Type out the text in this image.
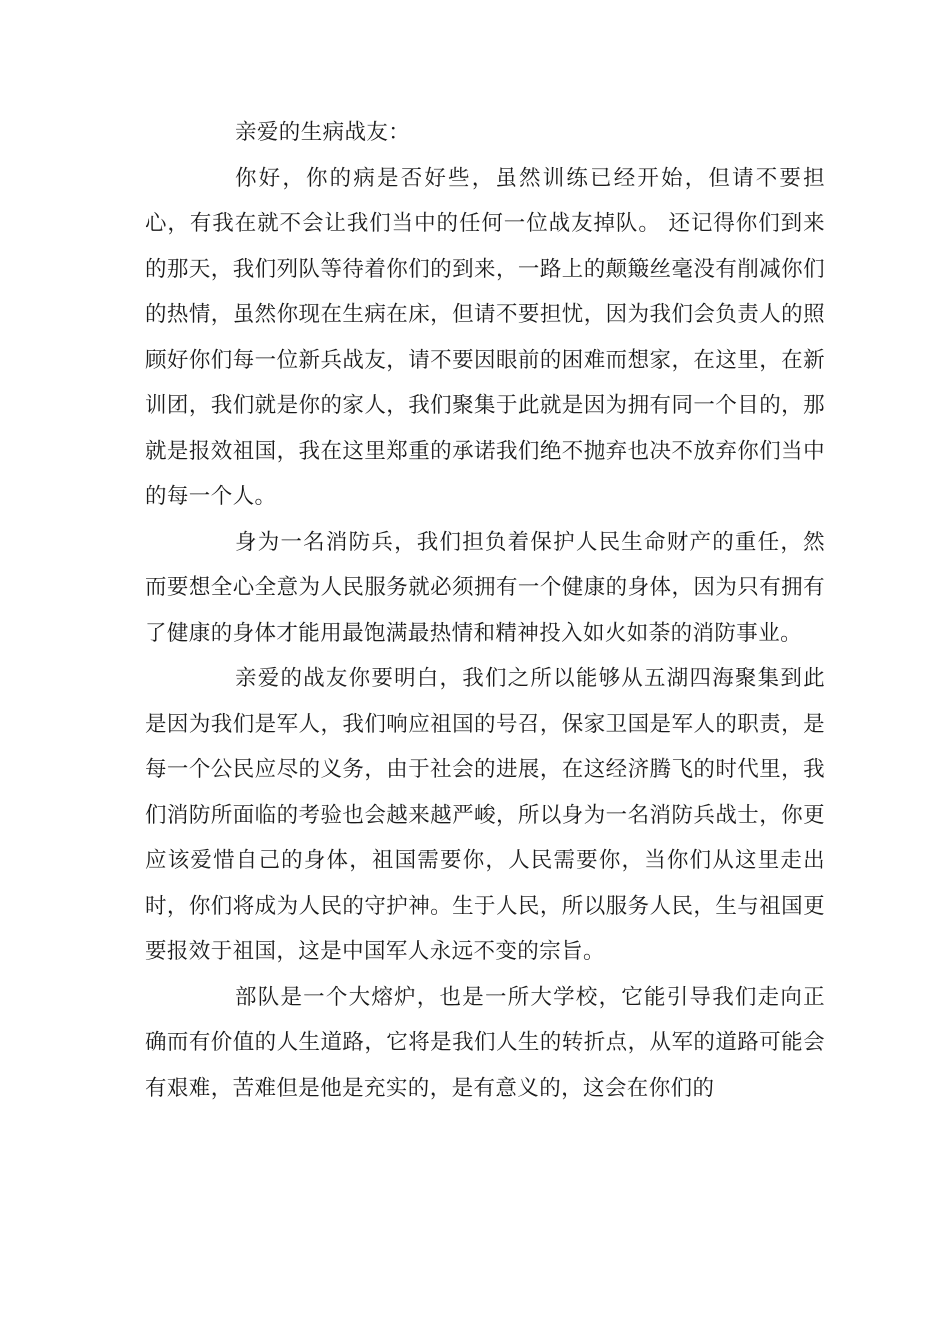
亲爱的生病战友：

你好，你的病是否好些，虽然训练已经开始，但请不要担心，有我在就不会让我们当中的任何一位战友掉队。 还记得你们到来的那天，我们列队等待着你们的到来，一路上的颠簸丝毫没有削减你们的热情，虽然你现在生病在床，但请不要担忧，因为我们会负责人的照顾好你们每一位新兵战友，请不要因眼前的困难而想家，在这里，在新训团，我们就是你的家人，我们聚集于此就是因为拥有同一个目的，那就是报效祖国，我在这里郑重的承诺我们绝不抛弃也决不放弃你们当中的每一个人。

身为一名消防兵，我们担负着保护人民生命财产的重任，然而要想全心全意为人民服务就必须拥有一个健康的身体，因为只有拥有了健康的身体才能用最饱满最热情和精神投入如火如荼的消防事业。

亲爱的战友你要明白，我们之所以能够从五湖四海聚集到此是因为我们是军人，我们响应祖国的号召，保家卫国是军人的职责，是每一个公民应尽的义务，由于社会的进展，在这经济腾飞的时代里，我们消防所面临的考验也会越来越严峻，所以身为一名消防兵战士，你更应该爱惜自己的身体，祖国需要你，人民需要你，当你们从这里走出时，你们将成为人民的守护神。生于人民，所以服务人民，生与祖国更要报效于祖国，这是中国军人永远不变的宗旨。

部队是一个大熔炉，也是一所大学校，它能引导我们走向正确而有价值的人生道路，它将是我们人生的转折点，从军的道路可能会有艰难，苦难但是他是充实的，是有意义的，这会在你们的
